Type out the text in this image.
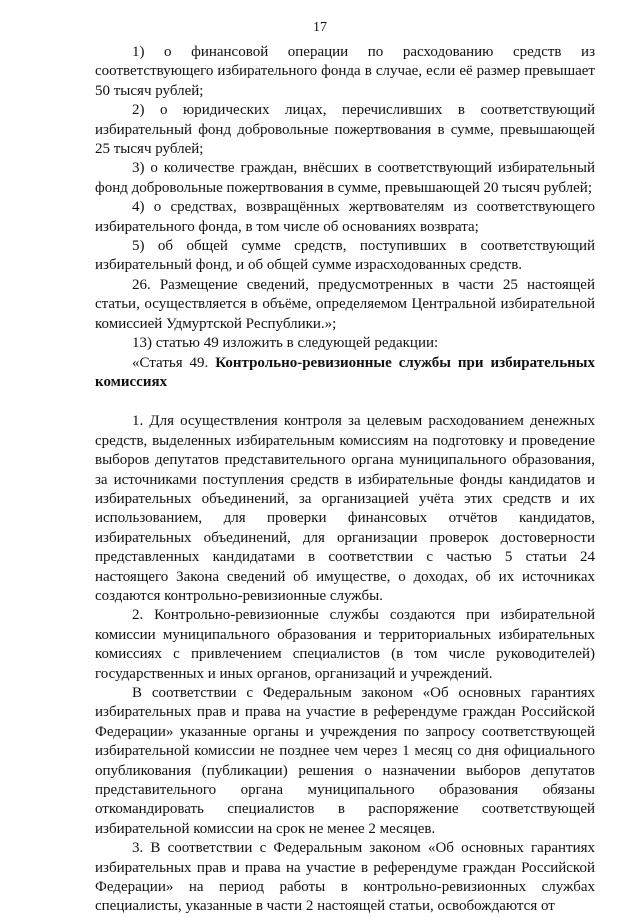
17

1) о финансовой операции по расходованию средств из соответствующего избирательного фонда в случае, если её размер превышает 50 тысяч рублей;

2) о юридических лицах, перечисливших в соответствующий избирательный фонд добровольные пожертвования в сумме, превышающей 25 тысяч рублей;

3) о количестве граждан, внёсших в соответствующий избирательный фонд добровольные пожертвования в сумме, превышающей 20 тысяч рублей;

4) о средствах, возвращённых жертвователям из соответствующего избирательного фонда, в том числе об основаниях возврата;

5) об общей сумме средств, поступивших в соответствующий избирательный фонд, и об общей сумме израсходованных средств.

26. Размещение сведений, предусмотренных в части 25 настоящей статьи, осуществляется в объёме, определяемом Центральной избирательной комиссией Удмуртской Республики.»;

13) статью 49 изложить в следующей редакции:

«Статья 49. Контрольно-ревизионные службы при избирательных комиссиях

1. Для осуществления контроля за целевым расходованием денежных средств, выделенных избирательным комиссиям на подготовку и проведение выборов депутатов представительного органа муниципального образования, за источниками поступления средств в избирательные фонды кандидатов и избирательных объединений, за организацией учёта этих средств и их использованием, для проверки финансовых отчётов кандидатов, избирательных объединений, для организации проверок достоверности представленных кандидатами в соответствии с частью 5 статьи 24 настоящего Закона сведений об имуществе, о доходах, об их источниках создаются контрольно-ревизионные службы.

2. Контрольно-ревизионные службы создаются при избирательной комиссии муниципального образования и территориальных избирательных комиссиях с привлечением специалистов (в том числе руководителей) государственных и иных органов, организаций и учреждений.

В соответствии с Федеральным законом «Об основных гарантиях избирательных прав и права на участие в референдуме граждан Российской Федерации» указанные органы и учреждения по запросу соответствующей избирательной комиссии не позднее чем через 1 месяц со дня официального опубликования (публикации) решения о назначении выборов депутатов представительного органа муниципального образования обязаны откомандировать специалистов в распоряжение соответствующей избирательной комиссии на срок не менее 2 месяцев.

3. В соответствии с Федеральным законом «Об основных гарантиях избирательных прав и права на участие в референдуме граждан Российской Федерации» на период работы в контрольно-ревизионных службах специалисты, указанные в части 2 настоящей статьи, освобождаются от
